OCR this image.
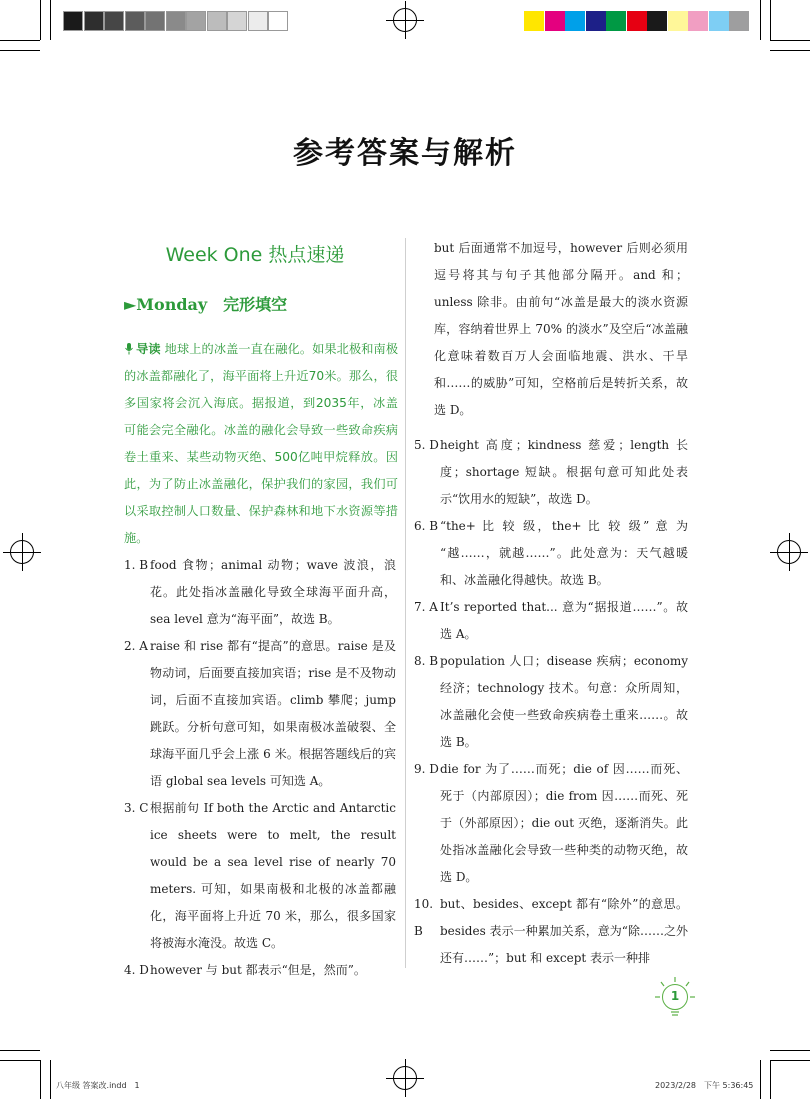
参考答案与解析
Week One 热点速递
►Monday　完形填空
导读 地球上的冰盖一直在融化。如果北极和南极的冰盖都融化了，海平面将上升近70米。那么，很多国家将会沉入海底。据报道，到2035年，冰盖可能会完全融化。冰盖的融化会导致一些致命疾病卷土重来、某些动物灭绝、500亿吨甲烷释放。因此，为了防止冰盖融化，保护我们的家园，我们可以采取控制人口数量、保护森林和地下水资源等措施。
1. B food 食物；animal 动物；wave 波浪，浪花。此处指冰盖融化导致全球海平面升高，sea level 意为“海平面”，故选 B。
2. A raise 和 rise 都有“提高”的意思。raise 是及物动词，后面要直接加宾语；rise 是不及物动词，后面不直接加宾语。climb 攀爬；jump 跳跃。分析句意可知，如果南极冰盖破裂、全球海平面几乎会上涨 6 米。根据答题线后的宾语 global sea levels 可知选 A。
3. C 根据前句 If both the Arctic and Antarctic ice sheets were to melt, the result would be a sea level rise of nearly 70 meters. 可知，如果南极和北极的冰盖都融化，海平面将上升近 70 米，那么，很多国家将被海水淹没。故选 C。
4. D however 与 but 都表示“但是，然而”。
but 后面通常不加逗号，however 后则必须用逗号将其与句子其他部分隔开。and 和；unless 除非。由前句“冰盖是最大的淡水资源库，容纳着世界上 70% 的淡水”及空后“冰盖融化意味着数百万人会面临地震、洪水、干旱和……的威胁”可知，空格前后是转折关系，故选 D。
5. D height 高度；kindness 慈爱；length 长度；shortage 短缺。根据句意可知此处表示“饮用水的短缺”，故选 D。
6. B “the+ 比 较 级，the+ 比 较 级” 意 为 “越……，就越……”。此处意为：天气越暖和、冰盖融化得越快。故选 B。
7. A It’s reported that... 意为“据报道……”。故选 A。
8. B population 人口；disease 疾病；economy 经济；technology 技术。句意：众所周知，冰盖融化会使一些致命疾病卷土重来……。故选 B。
9. D die for 为了……而死；die of 因……而死、死于（内部原因）；die from 因……而死、死于（外部原因）；die out 灭绝，逐渐消失。此处指冰盖融化会导致一些种类的动物灭绝，故选 D。
10. B
but、besides、except 都有“除外”的意思。besides 表示一种累加关系，意为“除……之外还有……”；but 和 except 表示一种排
1
八年级 答案改.indd　1	2023/2/28　下午 5:36:45
